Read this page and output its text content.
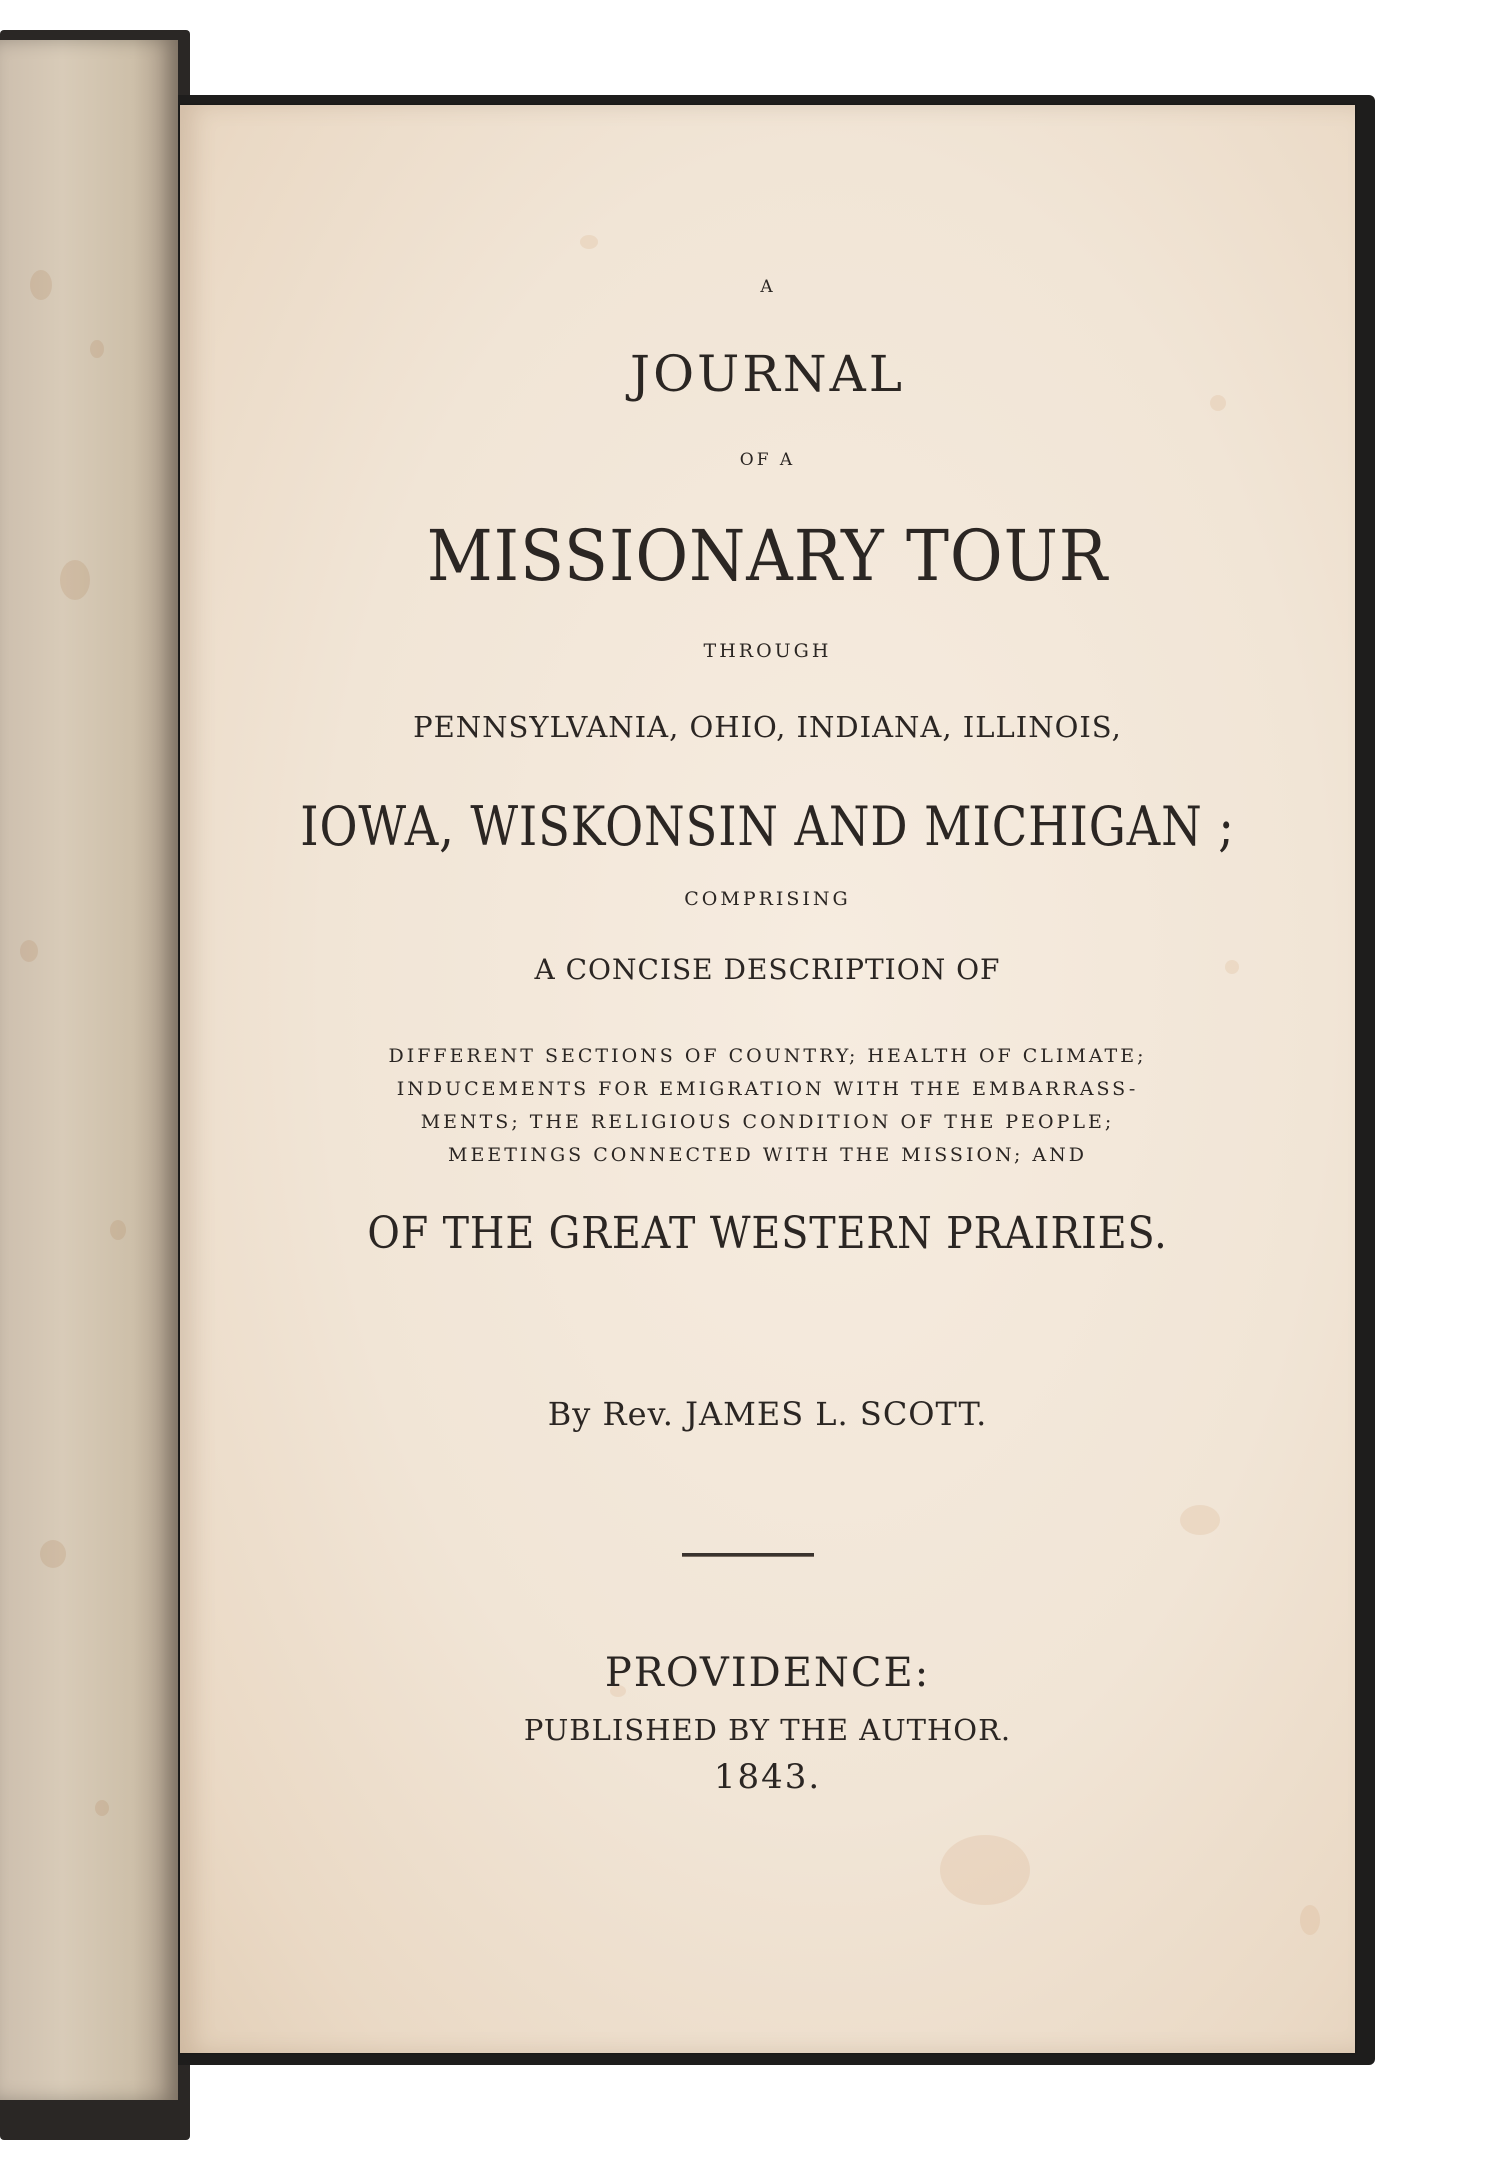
A

JOURNAL

OF A

MISSIONARY TOUR

THROUGH

PENNSYLVANIA, OHIO, INDIANA, ILLINOIS,

IOWA, WISKONSIN AND MICHIGAN ;

COMPRISING

A CONCISE DESCRIPTION OF

DIFFERENT SECTIONS OF COUNTRY; HEALTH OF CLIMATE;

INDUCEMENTS FOR EMIGRATION WITH THE EMBARRASS-

MENTS; THE RELIGIOUS CONDITION OF THE PEOPLE;

MEETINGS CONNECTED WITH THE MISSION; AND

OF THE GREAT WESTERN PRAIRIES.

By Rev. JAMES L. SCOTT.

PROVIDENCE:

PUBLISHED BY THE AUTHOR.

1843.
